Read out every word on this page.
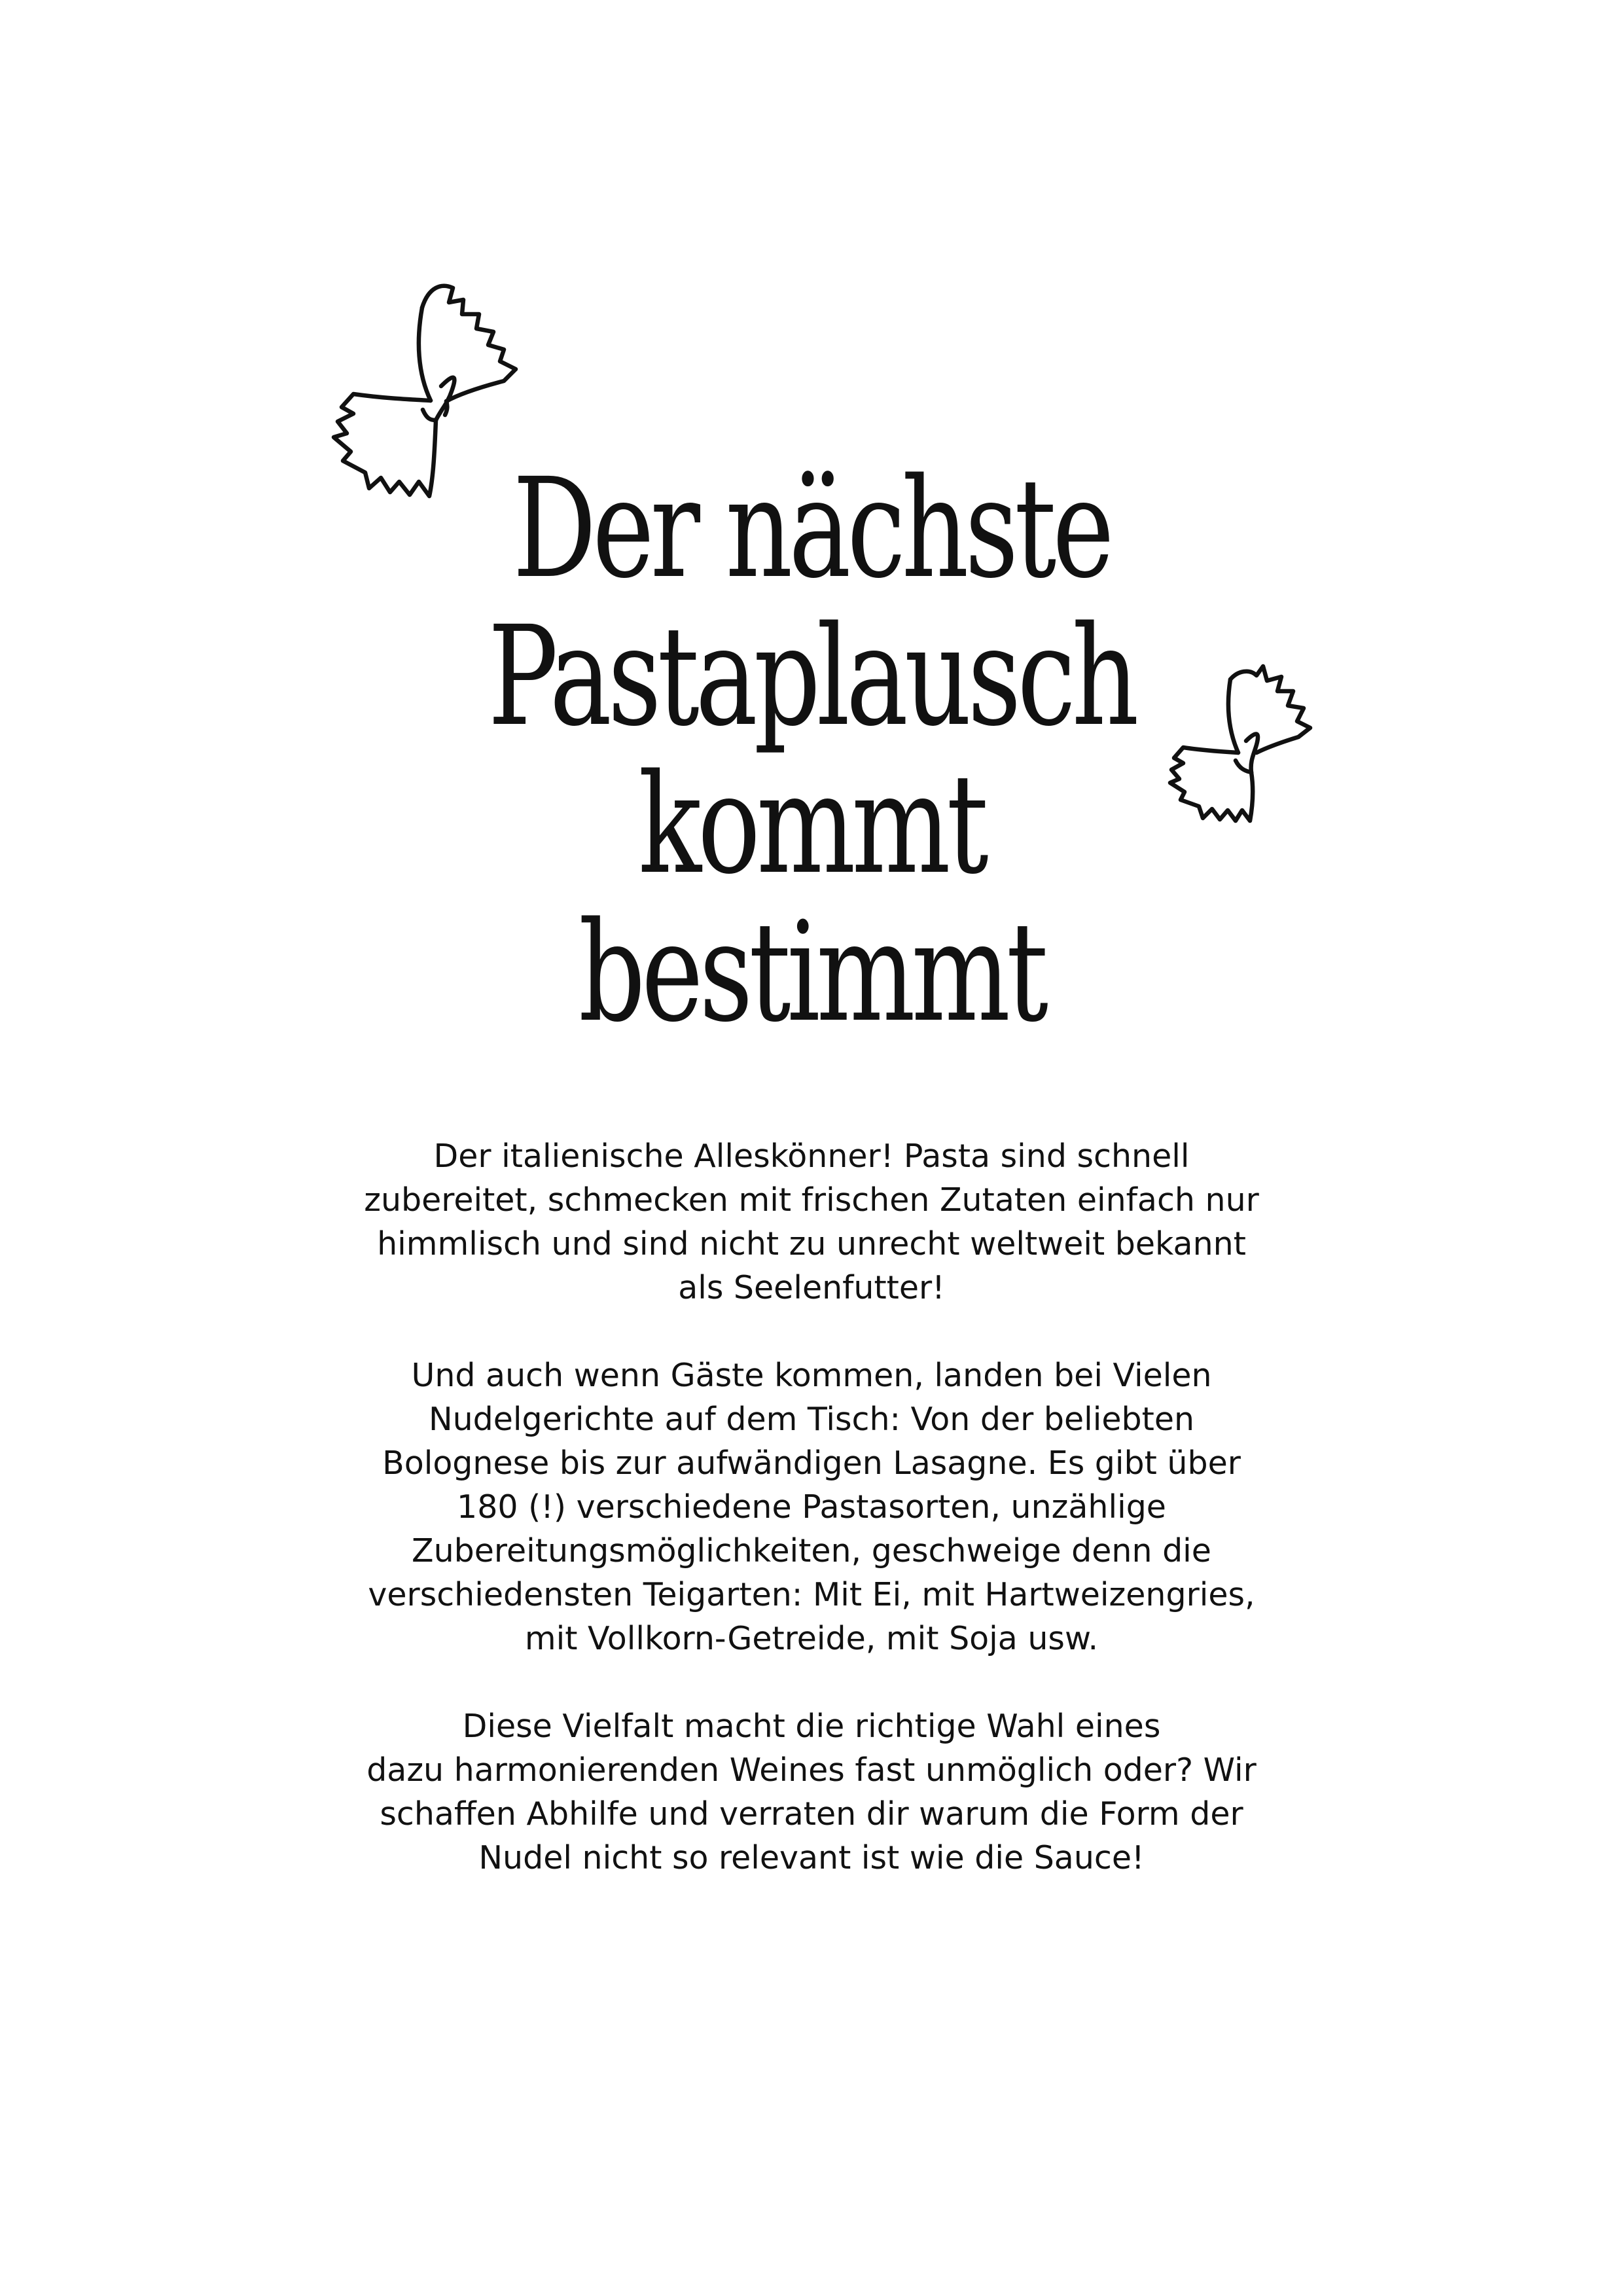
Der nächste
Pastaplausch
kommt
bestimmt

Der italienische Alleskönner! Pasta sind schnell
zubereitet, schmecken mit frischen Zutaten einfach nur
himmlisch und sind nicht zu unrecht weltweit bekannt
als Seelenfutter!

Und auch wenn Gäste kommen, landen bei Vielen
Nudelgerichte auf dem Tisch: Von der beliebten
Bolognese bis zur aufwändigen Lasagne. Es gibt über
180 (!) verschiedene Pastasorten, unzählige
Zubereitungsmöglichkeiten, geschweige denn die
verschiedensten Teigarten: Mit Ei, mit Hartweizengries,
mit Vollkorn-Getreide, mit Soja usw.

Diese Vielfalt macht die richtige Wahl eines
dazu harmonierenden Weines fast unmöglich oder? Wir
schaffen Abhilfe und verraten dir warum die Form der
Nudel nicht so relevant ist wie die Sauce!
